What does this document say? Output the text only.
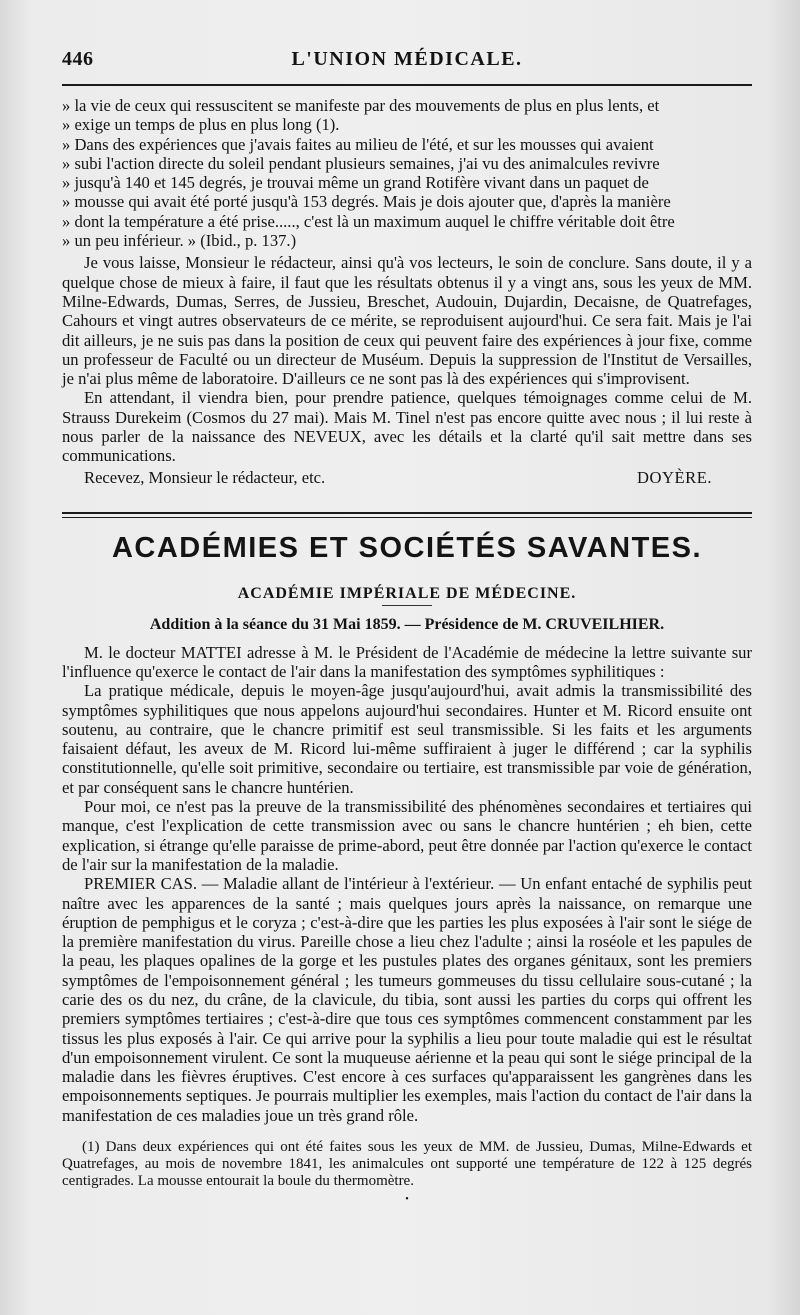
446	L'UNION MÉDICALE.

» la vie de ceux qui ressuscitent se manifeste par des mouvements de plus en plus lents, et

» exige un temps de plus en plus long (1).

» Dans des expériences que j'avais faites au milieu de l'été, et sur les mousses qui avaient

» subi l'action directe du soleil pendant plusieurs semaines, j'ai vu des animalcules revivre

» jusqu'à 140 et 145 degrés, je trouvai même un grand Rotifère vivant dans un paquet de

» mousse qui avait été porté jusqu'à 153 degrés. Mais je dois ajouter que, d'après la manière

» dont la température a été prise....., c'est là un maximum auquel le chiffre véritable doit être

» un peu inférieur. » (Ibid., p. 137.)

Je vous laisse, Monsieur le rédacteur, ainsi qu'à vos lecteurs, le soin de conclure. Sans doute, il y a quelque chose de mieux à faire, il faut que les résultats obtenus il y a vingt ans, sous les yeux de MM. Milne-Edwards, Dumas, Serres, de Jussieu, Breschet, Audouin, Dujardin, Decaisne, de Quatrefages, Cahours et vingt autres observateurs de ce mérite, se reproduisent aujourd'hui. Ce sera fait. Mais je l'ai dit ailleurs, je ne suis pas dans la position de ceux qui peuvent faire des expériences à jour fixe, comme un professeur de Faculté ou un directeur de Muséum. Depuis la suppression de l'Institut de Versailles, je n'ai plus même de laboratoire. D'ailleurs ce ne sont pas là des expériences qui s'improvisent.

En attendant, il viendra bien, pour prendre patience, quelques témoignages comme celui de M. Strauss Durekeim (Cosmos du 27 mai). Mais M. Tinel n'est pas encore quitte avec nous ; il lui reste à nous parler de la naissance des NEVEUX, avec les détails et la clarté qu'il sait mettre dans ses communications.

Recevez, Monsieur le rédacteur, etc.	DOYÈRE.
ACADÉMIES ET SOCIÉTÉS SAVANTES.
ACADÉMIE IMPÉRIALE DE MÉDECINE.
Addition à la séance du 31 Mai 1859. — Présidence de M. CRUVEILHIER.

M. le docteur MATTEI adresse à M. le Président de l'Académie de médecine la lettre suivante sur l'influence qu'exerce le contact de l'air dans la manifestation des symptômes syphilitiques :

La pratique médicale, depuis le moyen-âge jusqu'aujourd'hui, avait admis la transmissibilité des symptômes syphilitiques que nous appelons aujourd'hui secondaires. Hunter et M. Ricord ensuite ont soutenu, au contraire, que le chancre primitif est seul transmissible. Si les faits et les arguments faisaient défaut, les aveux de M. Ricord lui-même suffiraient à juger le différend ; car la syphilis constitutionnelle, qu'elle soit primitive, secondaire ou tertiaire, est transmissible par voie de génération, et par conséquent sans le chancre huntérien.

Pour moi, ce n'est pas la preuve de la transmissibilité des phénomènes secondaires et tertiaires qui manque, c'est l'explication de cette transmission avec ou sans le chancre huntérien ; eh bien, cette explication, si étrange qu'elle paraisse de prime-abord, peut être donnée par l'action qu'exerce le contact de l'air sur la manifestation de la maladie.

PREMIER CAS. — Maladie allant de l'intérieur à l'extérieur. — Un enfant entaché de syphilis peut naître avec les apparences de la santé ; mais quelques jours après la naissance, on remarque une éruption de pemphigus et le coryza ; c'est-à-dire que les parties les plus exposées à l'air sont le siége de la première manifestation du virus. Pareille chose a lieu chez l'adulte ; ainsi la roséole et les papules de la peau, les plaques opalines de la gorge et les pustules plates des organes génitaux, sont les premiers symptômes de l'empoisonnement général ; les tumeurs gommeuses du tissu cellulaire sous-cutané ; la carie des os du nez, du crâne, de la clavicule, du tibia, sont aussi les parties du corps qui offrent les premiers symptômes tertiaires ; c'est-à-dire que tous ces symptômes commencent constamment par les tissus les plus exposés à l'air. Ce qui arrive pour la syphilis a lieu pour toute maladie qui est le résultat d'un empoisonnement virulent. Ce sont la muqueuse aérienne et la peau qui sont le siége principal de la maladie dans les fièvres éruptives. C'est encore à ces surfaces qu'apparaissent les gangrènes dans les empoisonnements septiques. Je pourrais multiplier les exemples, mais l'action du contact de l'air dans la manifestation de ces maladies joue un très grand rôle.

(1) Dans deux expériences qui ont été faites sous les yeux de MM. de Jussieu, Dumas, Milne-Edwards et Quatrefages, au mois de novembre 1841, les animalcules ont supporté une température de 122 à 125 degrés centigrades. La mousse entourait la boule du thermomètre.
•
